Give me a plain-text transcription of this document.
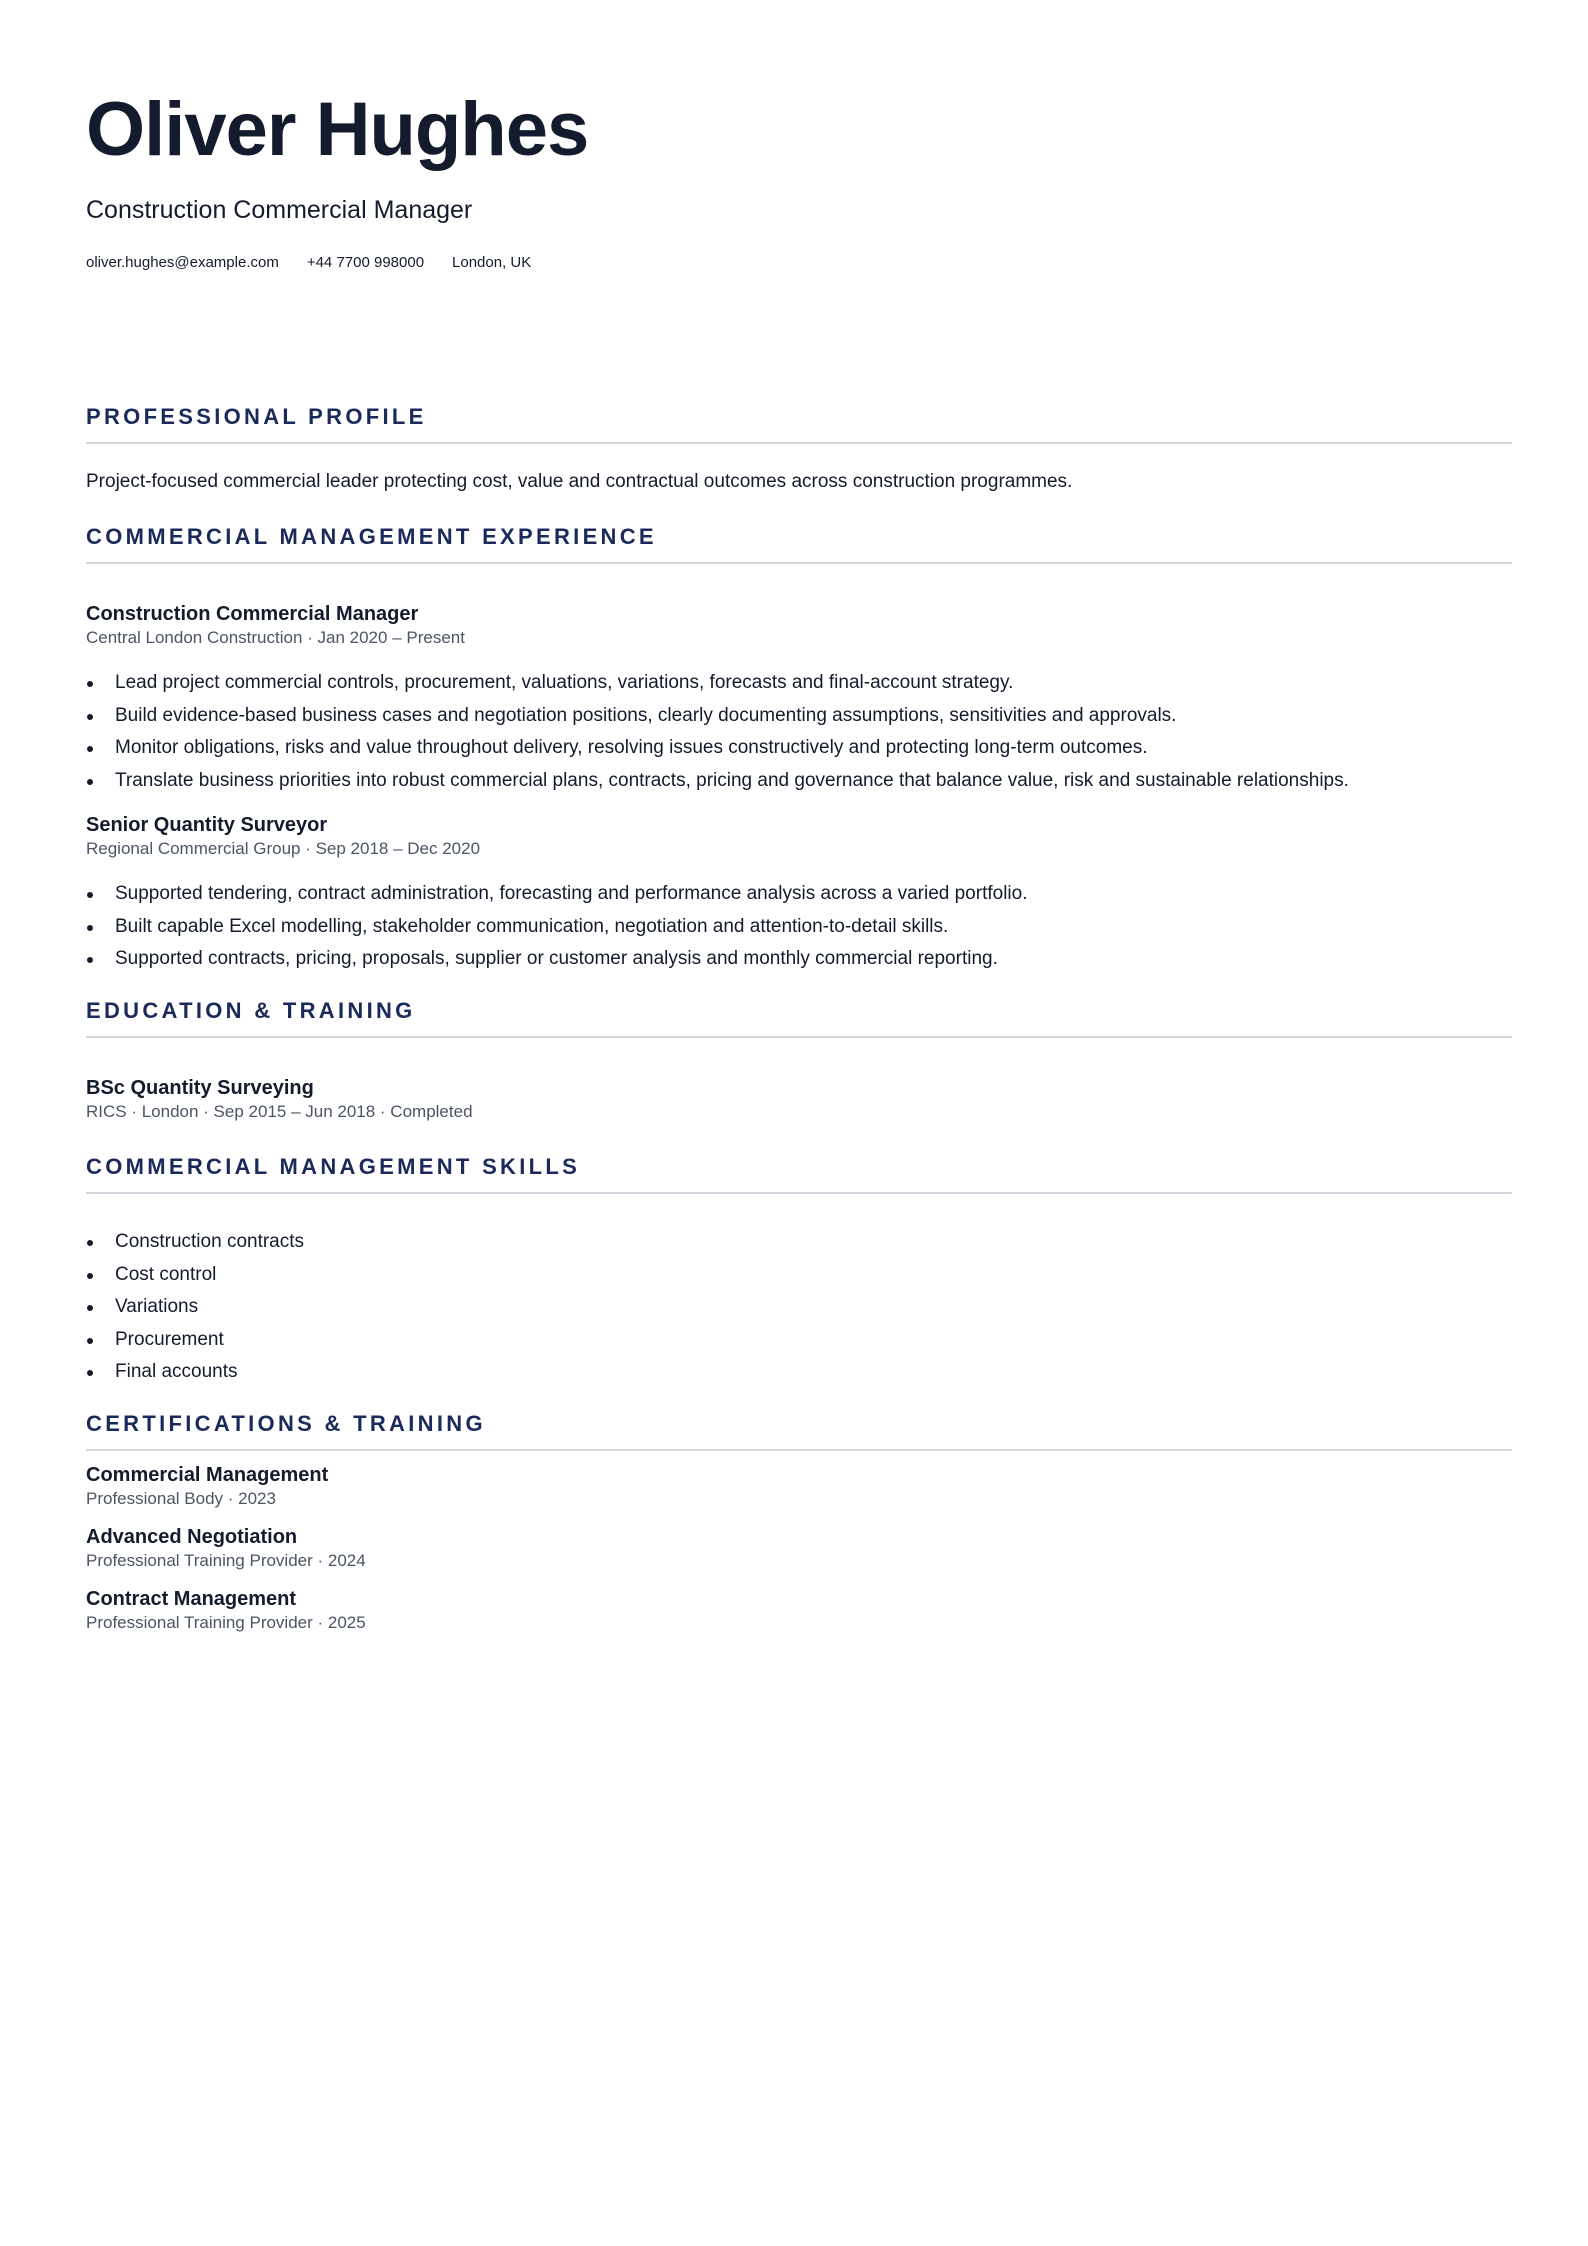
Oliver Hughes
Construction Commercial Manager
oliver.hughes@example.com +44 7700 998000 London, UK
PROFESSIONAL PROFILE
Project-focused commercial leader protecting cost, value and contractual outcomes across construction programmes.
COMMERCIAL MANAGEMENT EXPERIENCE
Construction Commercial Manager
Central London Construction · Jan 2020 – Present
Lead project commercial controls, procurement, valuations, variations, forecasts and final-account strategy.
Build evidence-based business cases and negotiation positions, clearly documenting assumptions, sensitivities and approvals.
Monitor obligations, risks and value throughout delivery, resolving issues constructively and protecting long-term outcomes.
Translate business priorities into robust commercial plans, contracts, pricing and governance that balance value, risk and sustainable relationships.
Senior Quantity Surveyor
Regional Commercial Group · Sep 2018 – Dec 2020
Supported tendering, contract administration, forecasting and performance analysis across a varied portfolio.
Built capable Excel modelling, stakeholder communication, negotiation and attention-to-detail skills.
Supported contracts, pricing, proposals, supplier or customer analysis and monthly commercial reporting.
EDUCATION & TRAINING
BSc Quantity Surveying
RICS · London · Sep 2015 – Jun 2018 · Completed
COMMERCIAL MANAGEMENT SKILLS
Construction contracts
Cost control
Variations
Procurement
Final accounts
CERTIFICATIONS & TRAINING
Commercial Management
Professional Body · 2023
Advanced Negotiation
Professional Training Provider · 2024
Contract Management
Professional Training Provider · 2025
